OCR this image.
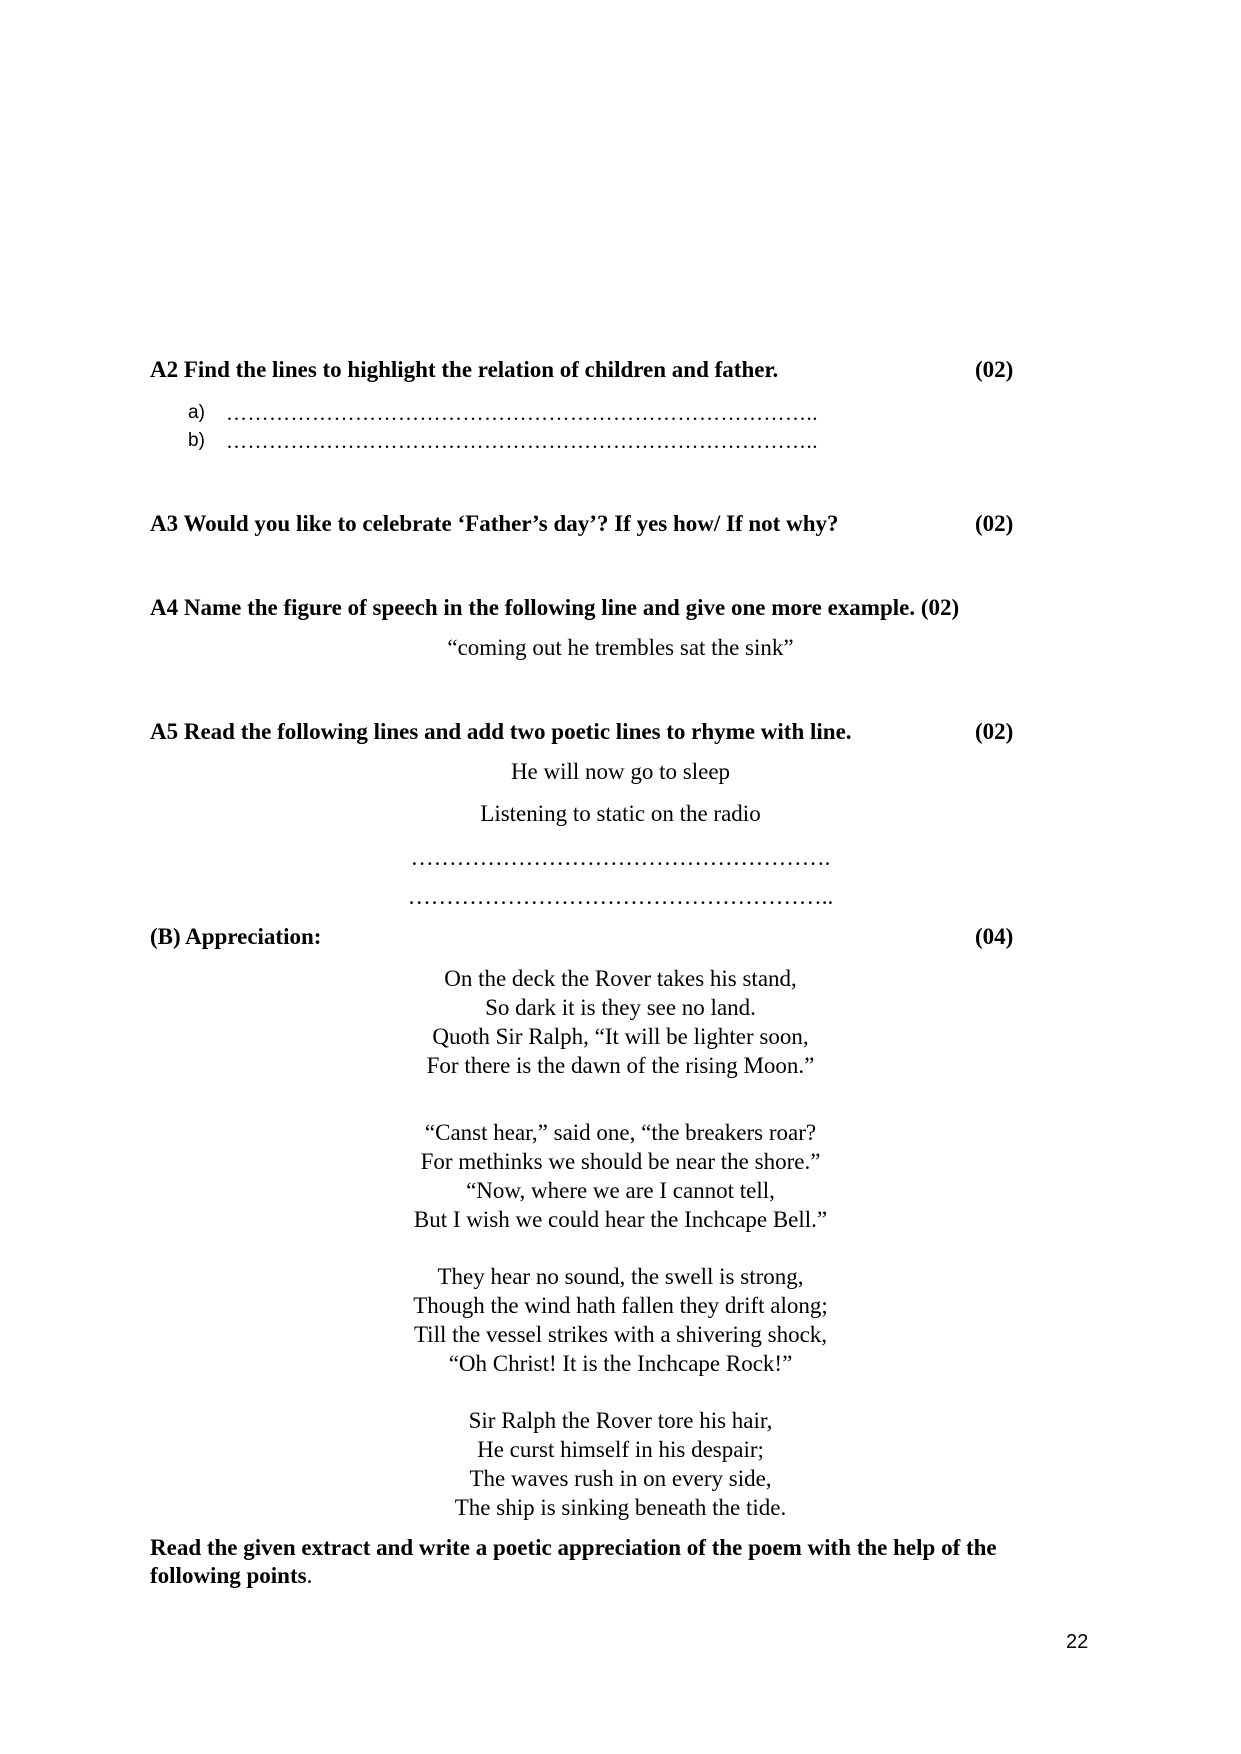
A2 Find the lines to highlight the relation of children and father.	(02)
a) ………………………………………………………………………..
b) ………………………………………………………………………..
A3 Would you like to celebrate ‘Father’s day’? If yes how/ If not why?	(02)
A4 Name the figure of speech in the following line and give one more example. (02)
“coming out he trembles sat the sink”
A5 Read the following lines and add two poetic lines to rhyme with line.	(02)
He will now go to sleep
Listening to static on the radio
……………………………………………….
………………………………………………..
(B) Appreciation:	(04)
On the deck the Rover takes his stand,
So dark it is they see no land.
Quoth Sir Ralph, “It will be lighter soon,
For there is the dawn of the rising Moon.”
“Canst hear,” said one, “the breakers roar?
For methinks we should be near the shore.”
“Now, where we are I cannot tell,
But I wish we could hear the Inchcape Bell.”
They hear no sound, the swell is strong,
Though the wind hath fallen they drift along;
Till the vessel strikes with a shivering shock,
“Oh Christ! It is the Inchcape Rock!”
Sir Ralph the Rover tore his hair,
He curst himself in his despair;
The waves rush in on every side,
The ship is sinking beneath the tide.
Read the given extract and write a poetic appreciation of the poem with the help of the following points.
22
